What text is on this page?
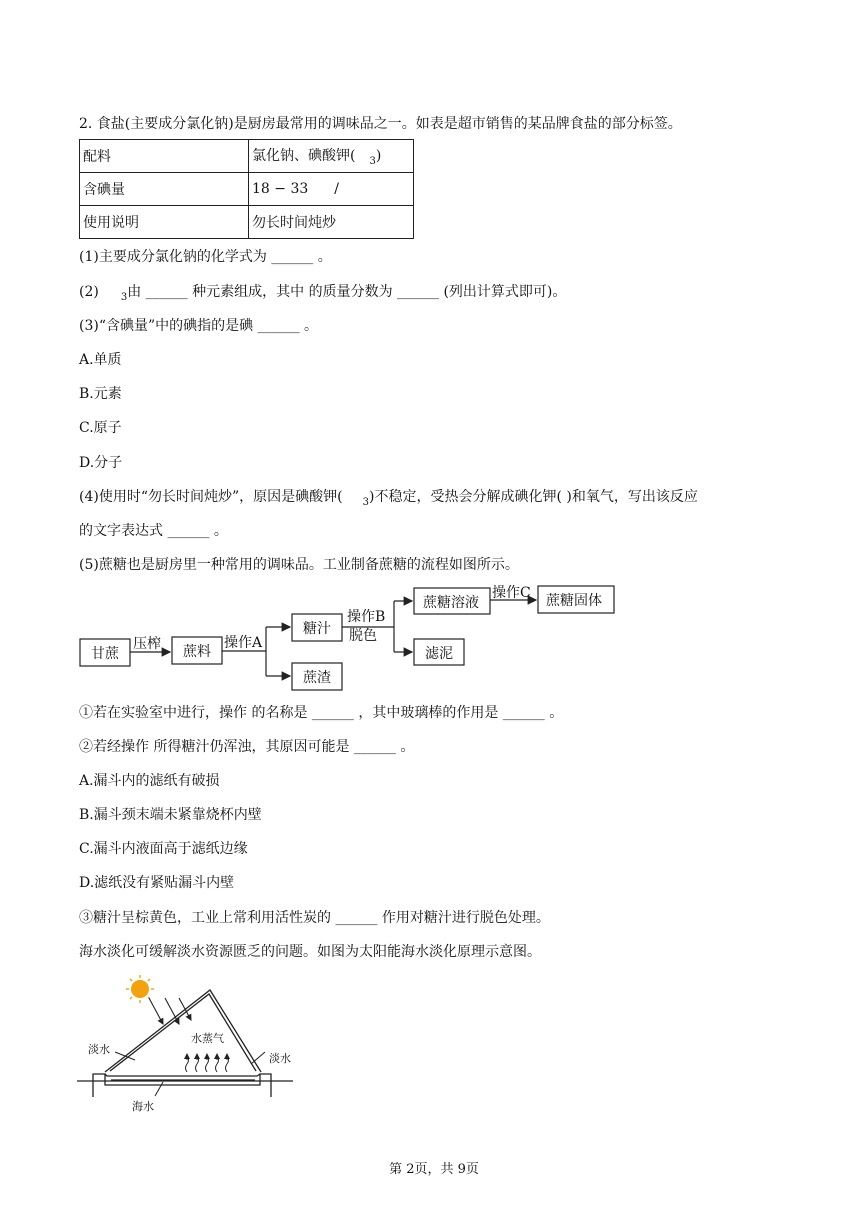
2. 食盐(主要成分氯化钠)是厨房最常用的调味品之一。如表是超市销售的某品牌食盐的部分标签。
配料	氯化钠、碘酸钾( $_3$)
含碘量	18 − 33 /
使用说明	勿长时间炖炒
(1)主要成分氯化钠的化学式为 ______ 。
(2) $_3$由 ______ 种元素组成，其中 的质量分数为 ______ (列出计算式即可)。
(3)“含碘量”中的碘指的是碘 ______ 。
A.单质
B.元素
C.原子
D.分子
(4)使用时“勿长时间炖炒”，原因是碘酸钾( $_3$)不稳定，受热会分解成碘化钾( )和氧气，写出该反应
的文字表达式 ______ 。
(5)蔗糖也是厨房里一种常用的调味品。工业制备蔗糖的流程如图所示。
甘蔗
压榨 蔗料
操作A
糖汁
蔗渣
操作B
脱色
蔗糖溶液
滤泥
操作C 蔗糖固体
①若在实验室中进行，操作 的名称是 ______ ，其中玻璃棒的作用是 ______ 。
②若经操作 所得糖汁仍浑浊，其原因可能是 ______ 。
A.漏斗内的滤纸有破损
B.漏斗颈末端未紧靠烧杯内壁
C.漏斗内液面高于滤纸边缘
D.滤纸没有紧贴漏斗内壁
③糖汁呈棕黄色，工业上常利用活性炭的 ______ 作用对糖汁进行脱色处理。
海水淡化可缓解淡水资源匮乏的问题。如图为太阳能海水淡化原理示意图。
淡水
淡水
水蒸气
海水
第 2页，共 9页
